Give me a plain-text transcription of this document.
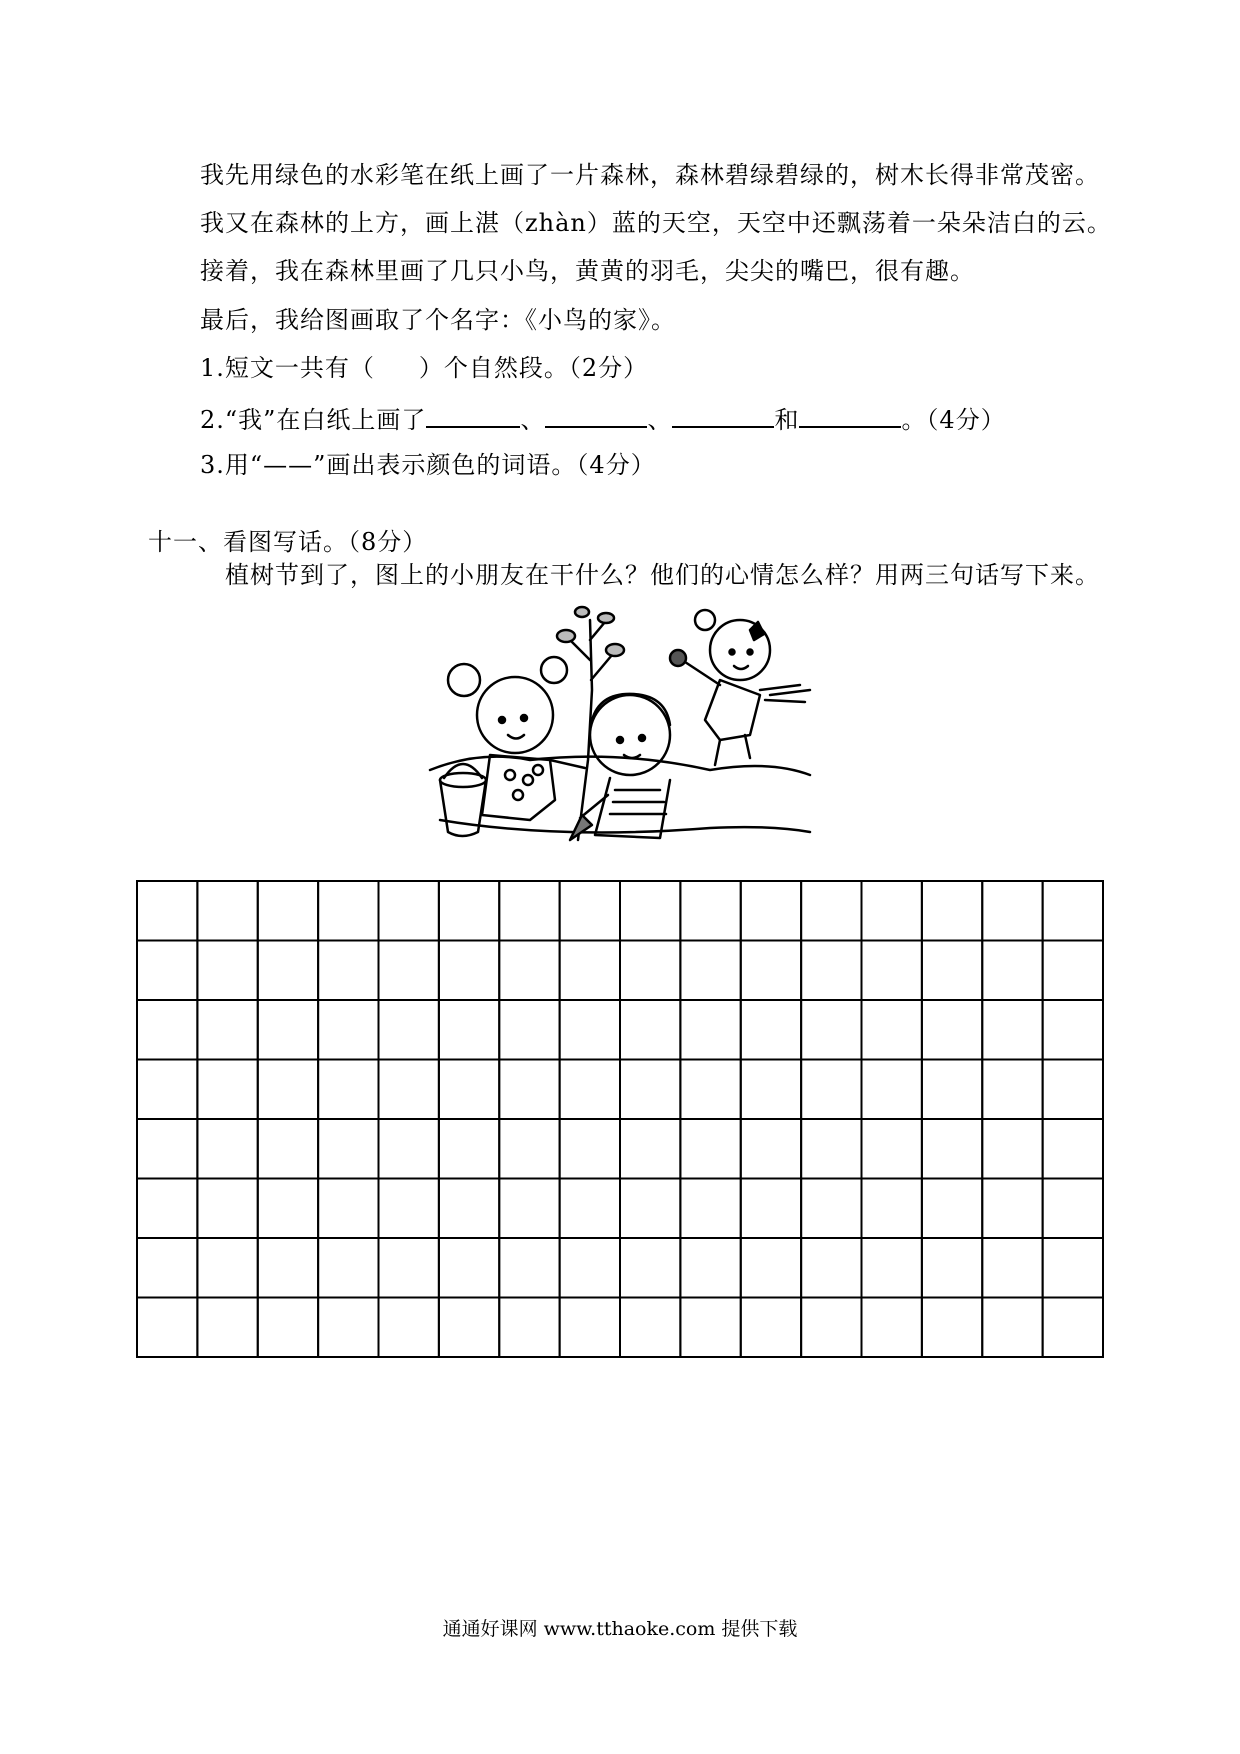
我先用绿色的水彩笔在纸上画了一片森林，森林碧绿碧绿的，树木长得非常茂密。
我又在森林的上方，画上湛（zhàn）蓝的天空，天空中还飘荡着一朵朵洁白的云。
接着，我在森林里画了几只小鸟，黄黄的羽毛，尖尖的嘴巴，很有趣。
最后，我给图画取了个名字：《小鸟的家》。
1.短文一共有（ ）个自然段。（2分）
2.“我”在白纸上画了	、	、	和	。（4分）
3.用“——”画出表示颜色的词语。（4分）
十一、看图写话。（8分）
植树节到了，图上的小朋友在干什么？他们的心情怎么样？用两三句话写下来。
通通好课网 www.tthaoke.com 提供下载
